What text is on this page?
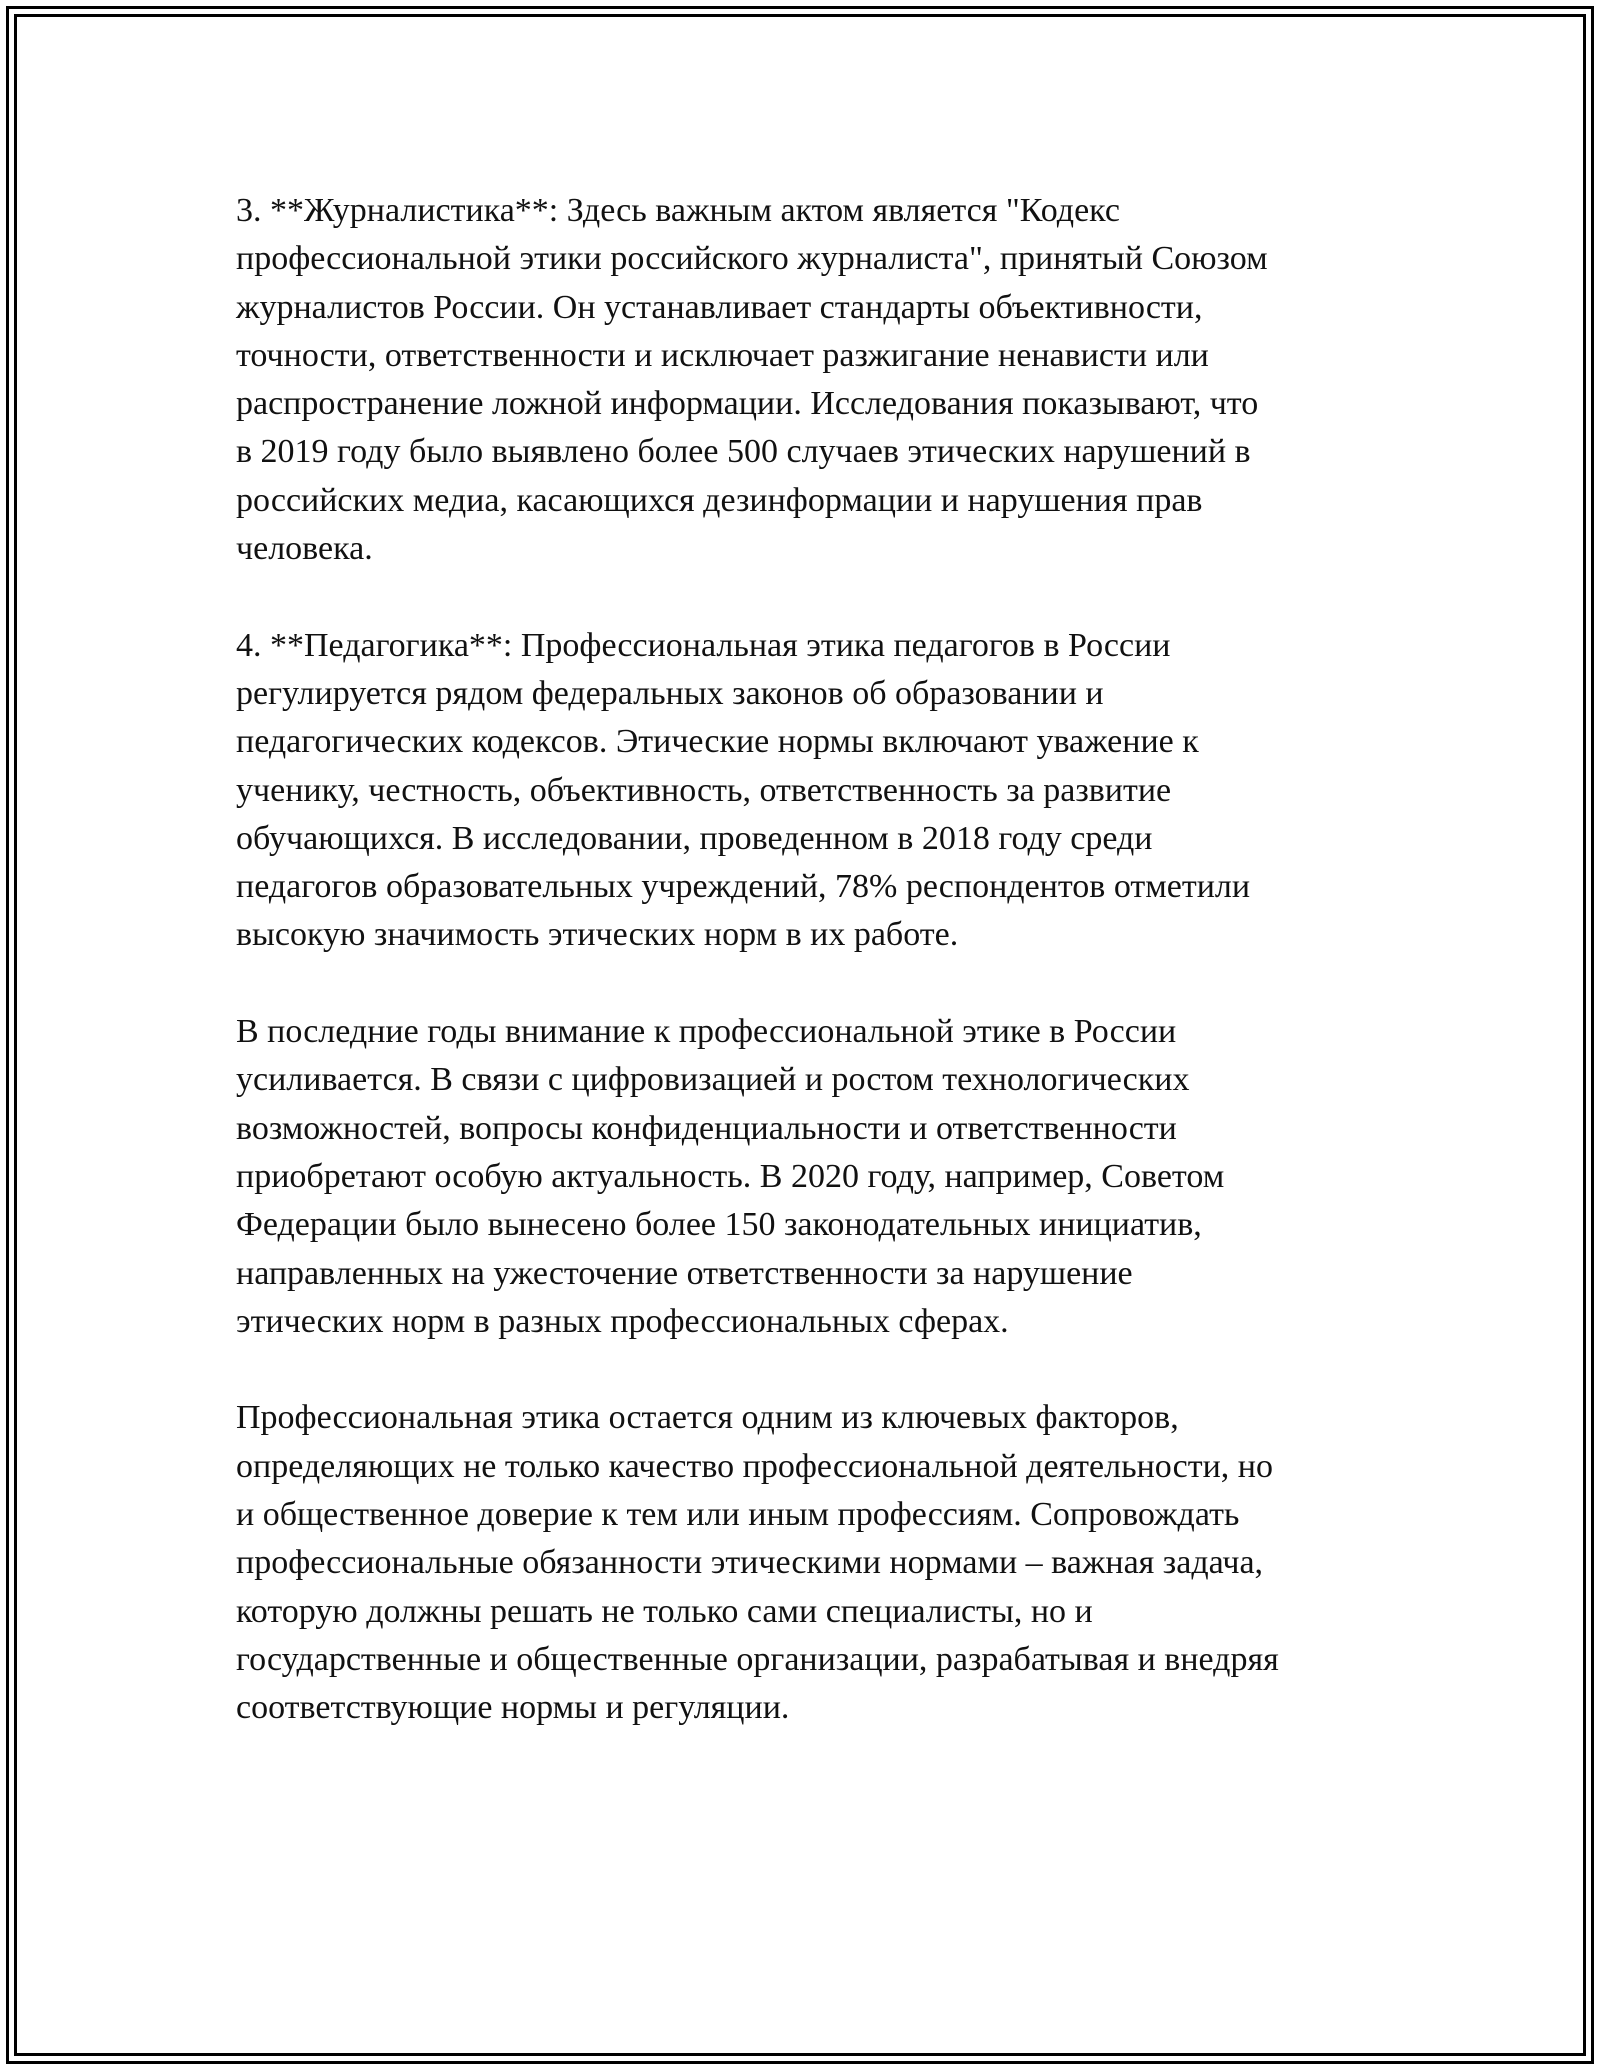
3. **Журналистика**: Здесь важным актом является "Кодекс
профессиональной этики российского журналиста", принятый Союзом
журналистов России. Он устанавливает стандарты объективности,
точности, ответственности и исключает разжигание ненависти или
распространение ложной информации. Исследования показывают, что
в 2019 году было выявлено более 500 случаев этических нарушений в
российских медиа, касающихся дезинформации и нарушения прав
человека.

4. **Педагогика**: Профессиональная этика педагогов в России
регулируется рядом федеральных законов об образовании и
педагогических кодексов. Этические нормы включают уважение к
ученику, честность, объективность, ответственность за развитие
обучающихся. В исследовании, проведенном в 2018 году среди
педагогов образовательных учреждений, 78% респондентов отметили
высокую значимость этических норм в их работе.

В последние годы внимание к профессиональной этике в России
усиливается. В связи с цифровизацией и ростом технологических
возможностей, вопросы конфиденциальности и ответственности
приобретают особую актуальность. В 2020 году, например, Советом
Федерации было вынесено более 150 законодательных инициатив,
направленных на ужесточение ответственности за нарушение
этических норм в разных профессиональных сферах.

Профессиональная этика остается одним из ключевых факторов,
определяющих не только качество профессиональной деятельности, но
и общественное доверие к тем или иным профессиям. Сопровождать
профессиональные обязанности этическими нормами – важная задача,
которую должны решать не только сами специалисты, но и
государственные и общественные организации, разрабатывая и внедряя
соответствующие нормы и регуляции.
